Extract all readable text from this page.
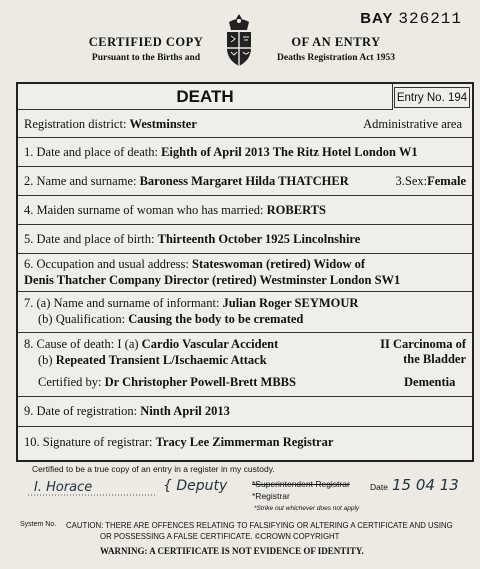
BAY 326211
CERTIFIED COPY
Pursuant to the Births and
OF AN ENTRY
Deaths Registration Act 1953
DEATH	Entry No. 194
Registration district:
Westminster	Administrative area
1. Date and place of death:
Eighth of April 2013 The Ritz Hotel London W1
2. Name and surname:
Baroness Margaret Hilda THATCHER	3.Sex:Female
4. Maiden surname of woman who has married:
ROBERTS
5. Date and place of birth:
Thirteenth October 1925 Lincolnshire
6. Occupation and usual address: Stateswoman (retired) Widow of
Denis Thatcher Company Director (retired) Westminster London SW1
7. (a) Name and surname of informant: Julian Roger SEYMOUR
(b) Qualification: Causing the body to be cremated
8. Cause of death: I (a) Cardio Vascular Accident
(b) Repeated Transient L/Ischaemic Attack
II Carcinoma of
the Bladder
Certified by: Dr Christopher Powell-Brett MBBS	Dementia
9. Date of registration:
Ninth April 2013
10. Signature of registrar:
Tracy Lee Zimmerman Registrar
Certified to be a true copy of an entry in a register in my custody.
I. Horace	{ Deputy	*Superintendent Registrar
*Registrar
*Strike out whichever does not apply
Date 15 04 13
System No. CAUTION: THERE ARE OFFENCES RELATING TO FALSIFYING OR ALTERING A CERTIFICATE AND USING
OR POSSESSING A FALSE CERTIFICATE. ©CROWN COPYRIGHT
WARNING: A CERTIFICATE IS NOT EVIDENCE OF IDENTITY.
